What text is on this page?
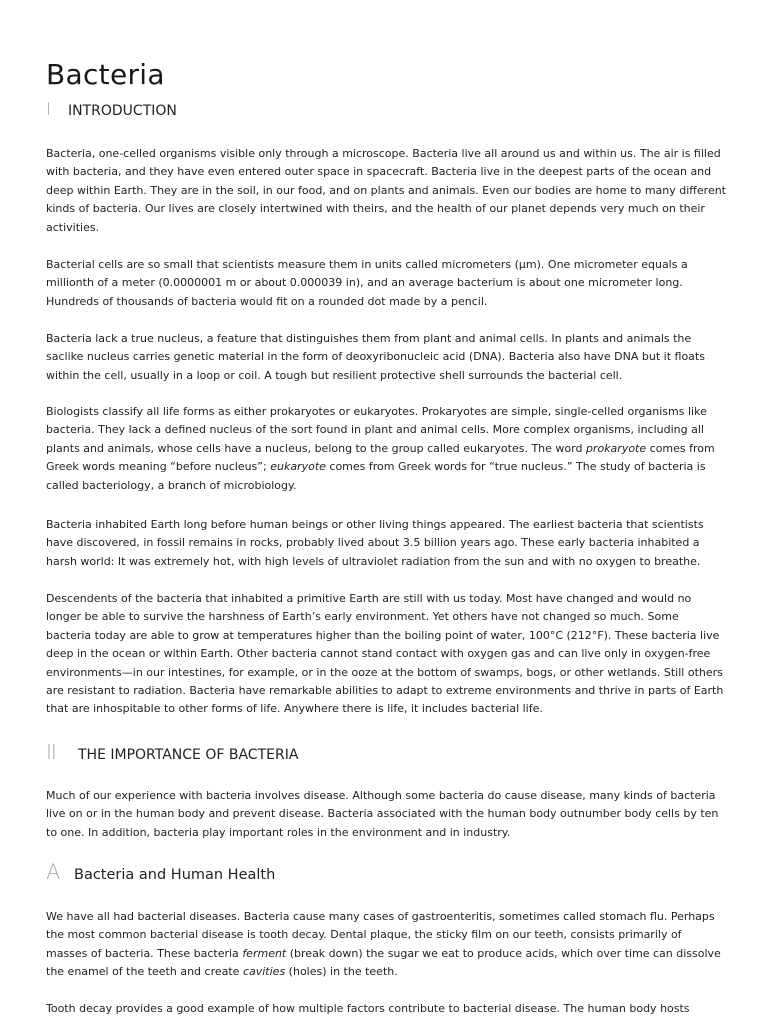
Bacteria
I	INTRODUCTION

Bacteria, one-celled organisms visible only through a microscope. Bacteria live all around us and within us. The air is filled with bacteria, and they have even entered outer space in spacecraft. Bacteria live in the deepest parts of the ocean and deep within Earth. They are in the soil, in our food, and on plants and animals. Even our bodies are home to many different kinds of bacteria. Our lives are closely intertwined with theirs, and the health of our planet depends very much on their activities.

Bacterial cells are so small that scientists measure them in units called micrometers (µm). One micrometer equals a millionth of a meter (0.0000001 m or about 0.000039 in), and an average bacterium is about one micrometer long. Hundreds of thousands of bacteria would fit on a rounded dot made by a pencil.

Bacteria lack a true nucleus, a feature that distinguishes them from plant and animal cells. In plants and animals the saclike nucleus carries genetic material in the form of deoxyribonucleic acid (DNA). Bacteria also have DNA but it floats within the cell, usually in a loop or coil. A tough but resilient protective shell surrounds the bacterial cell.

Biologists classify all life forms as either prokaryotes or eukaryotes. Prokaryotes are simple, single-celled organisms like bacteria. They lack a defined nucleus of the sort found in plant and animal cells. More complex organisms, including all plants and animals, whose cells have a nucleus, belong to the group called eukaryotes. The word prokaryote comes from Greek words meaning “before nucleus”; eukaryote comes from Greek words for “true nucleus.” The study of bacteria is called bacteriology, a branch of microbiology.

Bacteria inhabited Earth long before human beings or other living things appeared. The earliest bacteria that scientists have discovered, in fossil remains in rocks, probably lived about 3.5 billion years ago. These early bacteria inhabited a harsh world: It was extremely hot, with high levels of ultraviolet radiation from the sun and with no oxygen to breathe.

Descendents of the bacteria that inhabited a primitive Earth are still with us today. Most have changed and would no longer be able to survive the harshness of Earth’s early environment. Yet others have not changed so much. Some bacteria today are able to grow at temperatures higher than the boiling point of water, 100°C (212°F). These bacteria live deep in the ocean or within Earth. Other bacteria cannot stand contact with oxygen gas and can live only in oxygen-free environments—in our intestines, for example, or in the ooze at the bottom of swamps, bogs, or other wetlands. Still others are resistant to radiation. Bacteria have remarkable abilities to adapt to extreme environments and thrive in parts of Earth that are inhospitable to other forms of life. Anywhere there is life, it includes bacterial life.

II	THE IMPORTANCE OF BACTERIA

Much of our experience with bacteria involves disease. Although some bacteria do cause disease, many kinds of bacteria live on or in the human body and prevent disease. Bacteria associated with the human body outnumber body cells by ten to one. In addition, bacteria play important roles in the environment and in industry.

A Bacteria and Human Health

We have all had bacterial diseases. Bacteria cause many cases of gastroenteritis, sometimes called stomach flu. Perhaps the most common bacterial disease is tooth decay. Dental plaque, the sticky film on our teeth, consists primarily of masses of bacteria. These bacteria ferment (break down) the sugar we eat to produce acids, which over time can dissolve the enamel of the teeth and create cavities (holes) in the teeth.

Tooth decay provides a good example of how multiple factors contribute to bacterial disease. The human body hosts
